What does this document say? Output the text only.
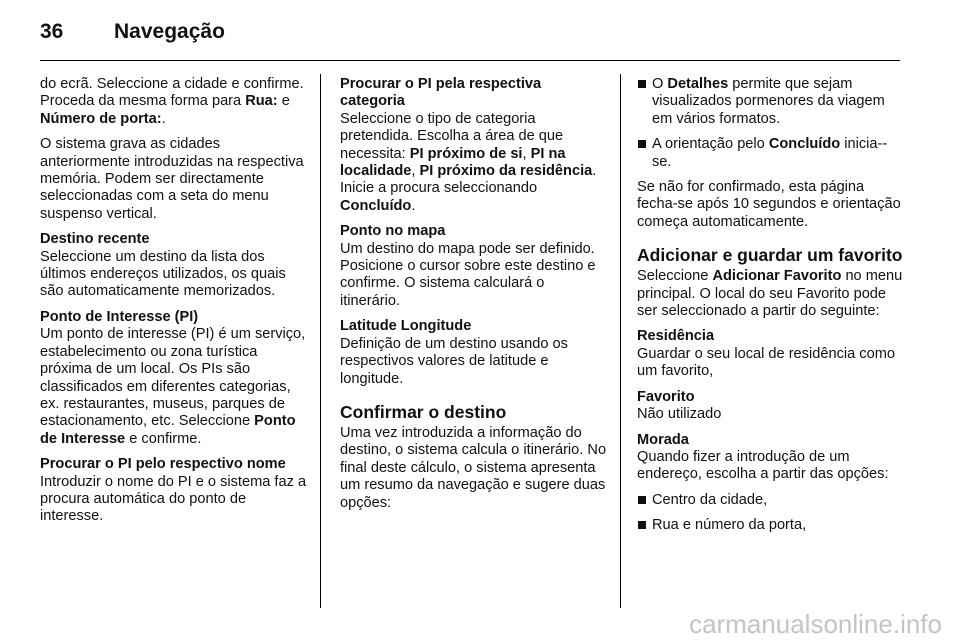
36 Navegação

do ecrã. Seleccione a cidade e confirme. Proceda da mesma forma para Rua: e Número de porta:.

O sistema grava as cidades anteriormente introduzidas na respectiva memória. Podem ser directamente seleccionadas com a seta do menu suspenso vertical.

Destino recente
Seleccione um destino da lista dos últimos endereços utilizados, os quais são automaticamente memorizados.
Ponto de Interesse (PI)
Um ponto de interesse (PI) é um serviço, estabelecimento ou zona turística próxima de um local. Os PIs são classificados em diferentes categorias, ex. restaurantes, museus, parques de estacionamento, etc. Seleccione Ponto de Interesse e confirme.
Procurar o PI pelo respectivo nome
Introduzir o nome do PI e o sistema faz a procura automática do ponto de interesse.
Procurar o PI pela respectiva categoria
Seleccione o tipo de categoria pretendida. Escolha a área de que necessita: PI próximo de si, PI na localidade, PI próximo da residência. Inicie a procura seleccionando Concluído.
Ponto no mapa
Um destino do mapa pode ser definido. Posicione o cursor sobre este destino e confirme. O sistema calculará o itinerário.
Latitude Longitude
Definição de um destino usando os respectivos valores de latitude e longitude.
Confirmar o destino

Uma vez introduzida a informação do destino, o sistema calcula o itinerário. No final deste cálculo, o sistema apresenta um resumo da navegação e sugere duas opções:

O Detalhes permite que sejam visualizados pormenores da viagem em vários formatos.
A orientação pelo Concluído inicia--se.

Se não for confirmado, esta página fecha-se após 10 segundos e orientação começa automaticamente.

Adicionar e guardar um favorito

Seleccione Adicionar Favorito no menu principal. O local do seu Favorito pode ser seleccionado a partir do seguinte:

Residência
Guardar o seu local de residência como um favorito,
Favorito
Não utilizado
Morada
Quando fizer a introdução de um endereço, escolha a partir das opções:
Centro da cidade,
Rua e número da porta,
carmanualsonline.info
